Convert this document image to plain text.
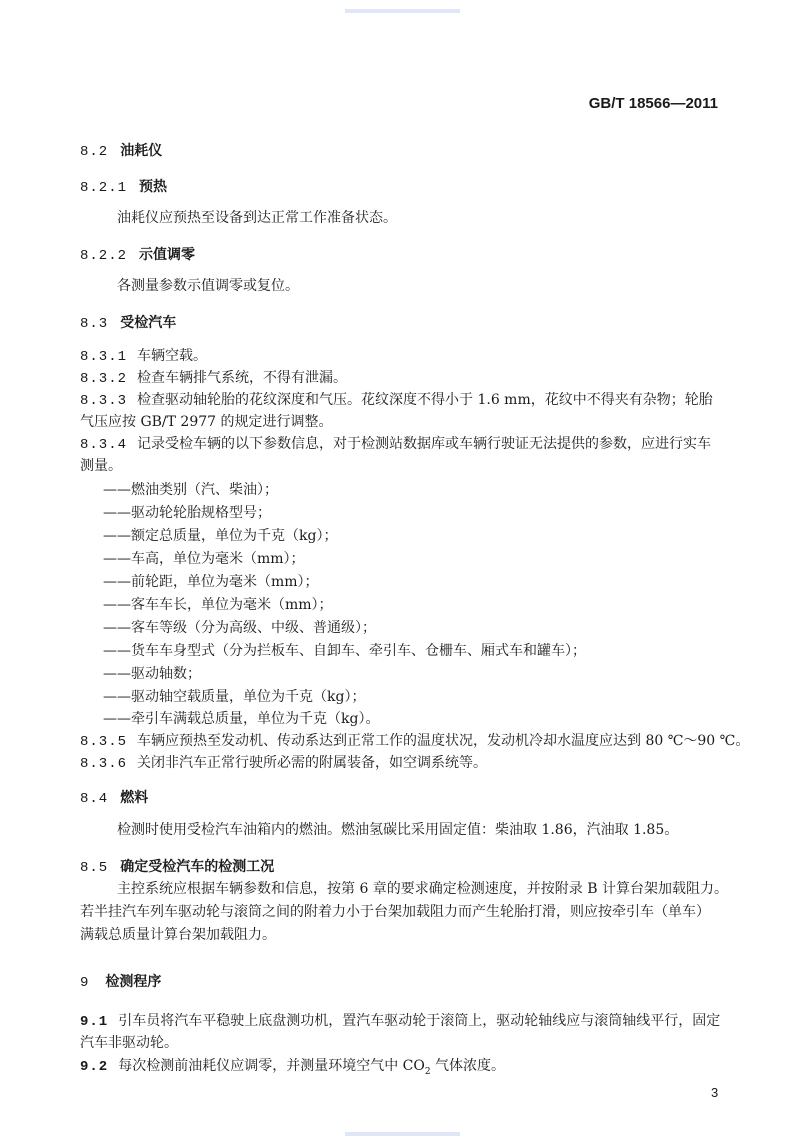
GB/T 18566—2011
8.2 油耗仪
8.2.1 预热
油耗仪应预热至设备到达正常工作准备状态。
8.2.2 示值调零
各测量参数示值调零或复位。
8.3 受检汽车
8.3.1 车辆空载。
8.3.2 检查车辆排气系统，不得有泄漏。
8.3.3 检查驱动轴轮胎的花纹深度和气压。花纹深度不得小于 1.6 mm，花纹中不得夹有杂物；轮胎
气压应按 GB/T 2977 的规定进行调整。
8.3.4 记录受检车辆的以下参数信息，对于检测站数据库或车辆行驶证无法提供的参数，应进行实车
测量。
——燃油类别（汽、柴油）；
——驱动轮轮胎规格型号；
——额定总质量，单位为千克（kg）；
——车高，单位为毫米（mm）；
——前轮距，单位为毫米（mm）；
——客车车长，单位为毫米（mm）；
——客车等级（分为高级、中级、普通级）；
——货车车身型式（分为拦板车、自卸车、牵引车、仓栅车、厢式车和罐车）；
——驱动轴数；
——驱动轴空载质量，单位为千克（kg）；
——牵引车满载总质量，单位为千克（kg）。
8.3.5 车辆应预热至发动机、传动系达到正常工作的温度状况，发动机冷却水温度应达到 80 ℃～90 ℃。
8.3.6 关闭非汽车正常行驶所必需的附属装备，如空调系统等。
8.4 燃料
检测时使用受检汽车油箱内的燃油。燃油氢碳比采用固定值：柴油取 1.86，汽油取 1.85。
8.5 确定受检汽车的检测工况
主控系统应根据车辆参数和信息，按第 6 章的要求确定检测速度，并按附录 B 计算台架加载阻力。
若半挂汽车列车驱动轮与滚筒之间的附着力小于台架加载阻力而产生轮胎打滑，则应按牵引车（单车）
满载总质量计算台架加载阻力。
9 检测程序
9.1 引车员将汽车平稳驶上底盘测功机，置汽车驱动轮于滚筒上，驱动轮轴线应与滚筒轴线平行，固定
汽车非驱动轮。
9.2 每次检测前油耗仪应调零，并测量环境空气中 $CO_2$ 气体浓度。
3
